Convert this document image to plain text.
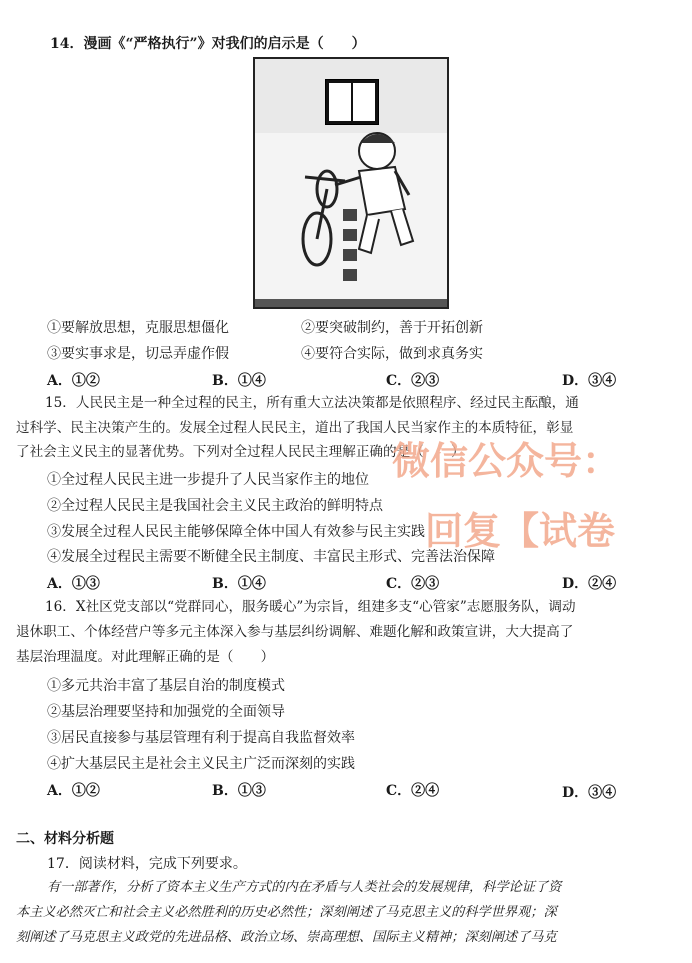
14．漫画《“严格执行”》对我们的启示是（　　）
①要解放思想，克服思想僵化	②要突破制约，善于开拓创新
③要实事求是，切忌弄虚作假	④要符合实际，做到求真务实
A．①②	B．①④	C．②③	D．③④
15．人民民主是一种全过程的民主，所有重大立法决策都是依照程序、经过民主酝酿，通
过科学、民主决策产生的。发展全过程人民民主，道出了我国人民当家作主的本质特征，彰显
了社会主义民主的显著优势。下列对全过程人民民主理解正确的是（　　）
①全过程人民民主进一步提升了人民当家作主的地位
②全过程人民民主是我国社会主义民主政治的鲜明特点
③发展全过程人民民主能够保障全体中国人有效参与民主实践
④发展全过程民主需要不断健全民主制度、丰富民主形式、完善法治保障
A．①③	B．①④	C．②③	D．②④
微信公众号：
回复【试卷
16．X社区党支部以“党群同心，服务暖心”为宗旨，组建多支“心管家”志愿服务队，调动
退休职工、个体经营户等多元主体深入参与基层纠纷调解、难题化解和政策宣讲，大大提高了
基层治理温度。对此理解正确的是（　　）
①多元共治丰富了基层自治的制度模式
②基层治理要坚持和加强党的全面领导
③居民直接参与基层管理有利于提高自我监督效率
④扩大基层民主是社会主义民主广泛而深刻的实践
A．①②	B．①③	C．②④	D．③④
二、材料分析题
17．阅读材料，完成下列要求。
有一部著作，分析了资本主义生产方式的内在矛盾与人类社会的发展规律，科学论证了资
本主义必然灭亡和社会主义必然胜利的历史必然性；深刻阐述了马克思主义的科学世界观；深
刻阐述了马克思主义政党的先进品格、政治立场、崇高理想、国际主义精神；深刻阐述了马克
